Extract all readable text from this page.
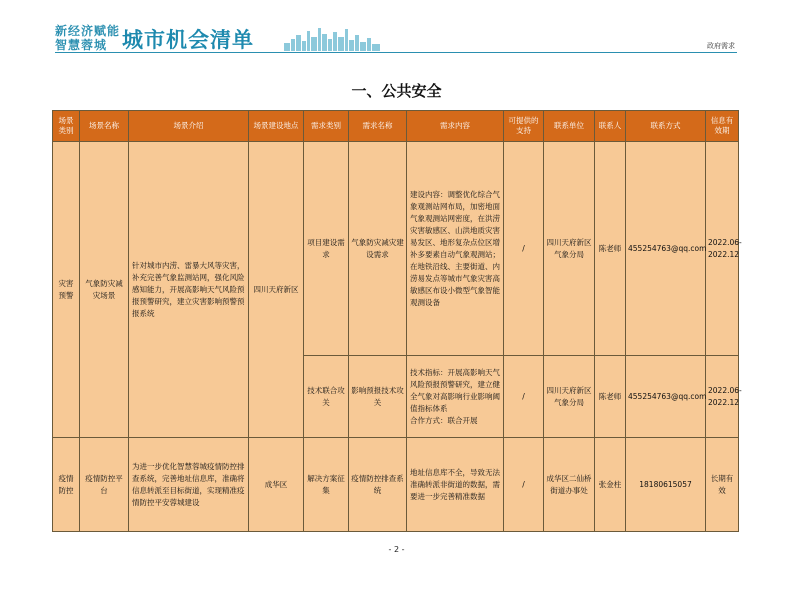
新经济赋能
智慧蓉城 城市机会清单	政府需求
一、公共安全
场景类别	场景名称	场景介绍	场景建设地点	需求类别	需求名称	需求内容	可提供的支持	联系单位	联系人	联系方式	信息有效期
灾害预警	气象防灾减灾场景	针对城市内涝、雷暴大风等灾害，补充完善气象监测站网，强化风险感知能力，开展高影响天气风险预报预警研究，建立灾害影响预警预报系统	四川天府新区	项目建设需求	气象防灾减灾建设需求	建设内容：调整优化综合气象观测站网布局，加密地面气象观测站网密度，在洪涝灾害敏感区、山洪地质灾害易发区、地形复杂点位区增补多要素自动气象观测站；在地铁沿线、主要街道、内涝易发点等城市气象灾害高敏感区布设小微型气象智能观测设备	/	四川天府新区气象分局	陈老师	455254763@qq.com	2022.06-2022.12
				技术联合攻关	影响预报技术攻关	技术指标：开展高影响天气风险预报预警研究，建立健全气象对高影响行业影响阈值指标体系
合作方式：联合开展	/	四川天府新区气象分局	陈老师	455254763@qq.com	2022.06-2022.12
疫情防控	疫情防控平台	为进一步优化智慧蓉城疫情防控排查系统，完善地址信息库，准确将信息转派至目标街道，实现精准疫情防控平安蓉城建设	成华区	解决方案征集	疫情防控排查系统	地址信息库不全，导致无法准确转派非街道的数据，需要进一步完善精准数据	/	成华区二仙桥街道办事处	张金柱	18180615057	长期有效
- 2 -
